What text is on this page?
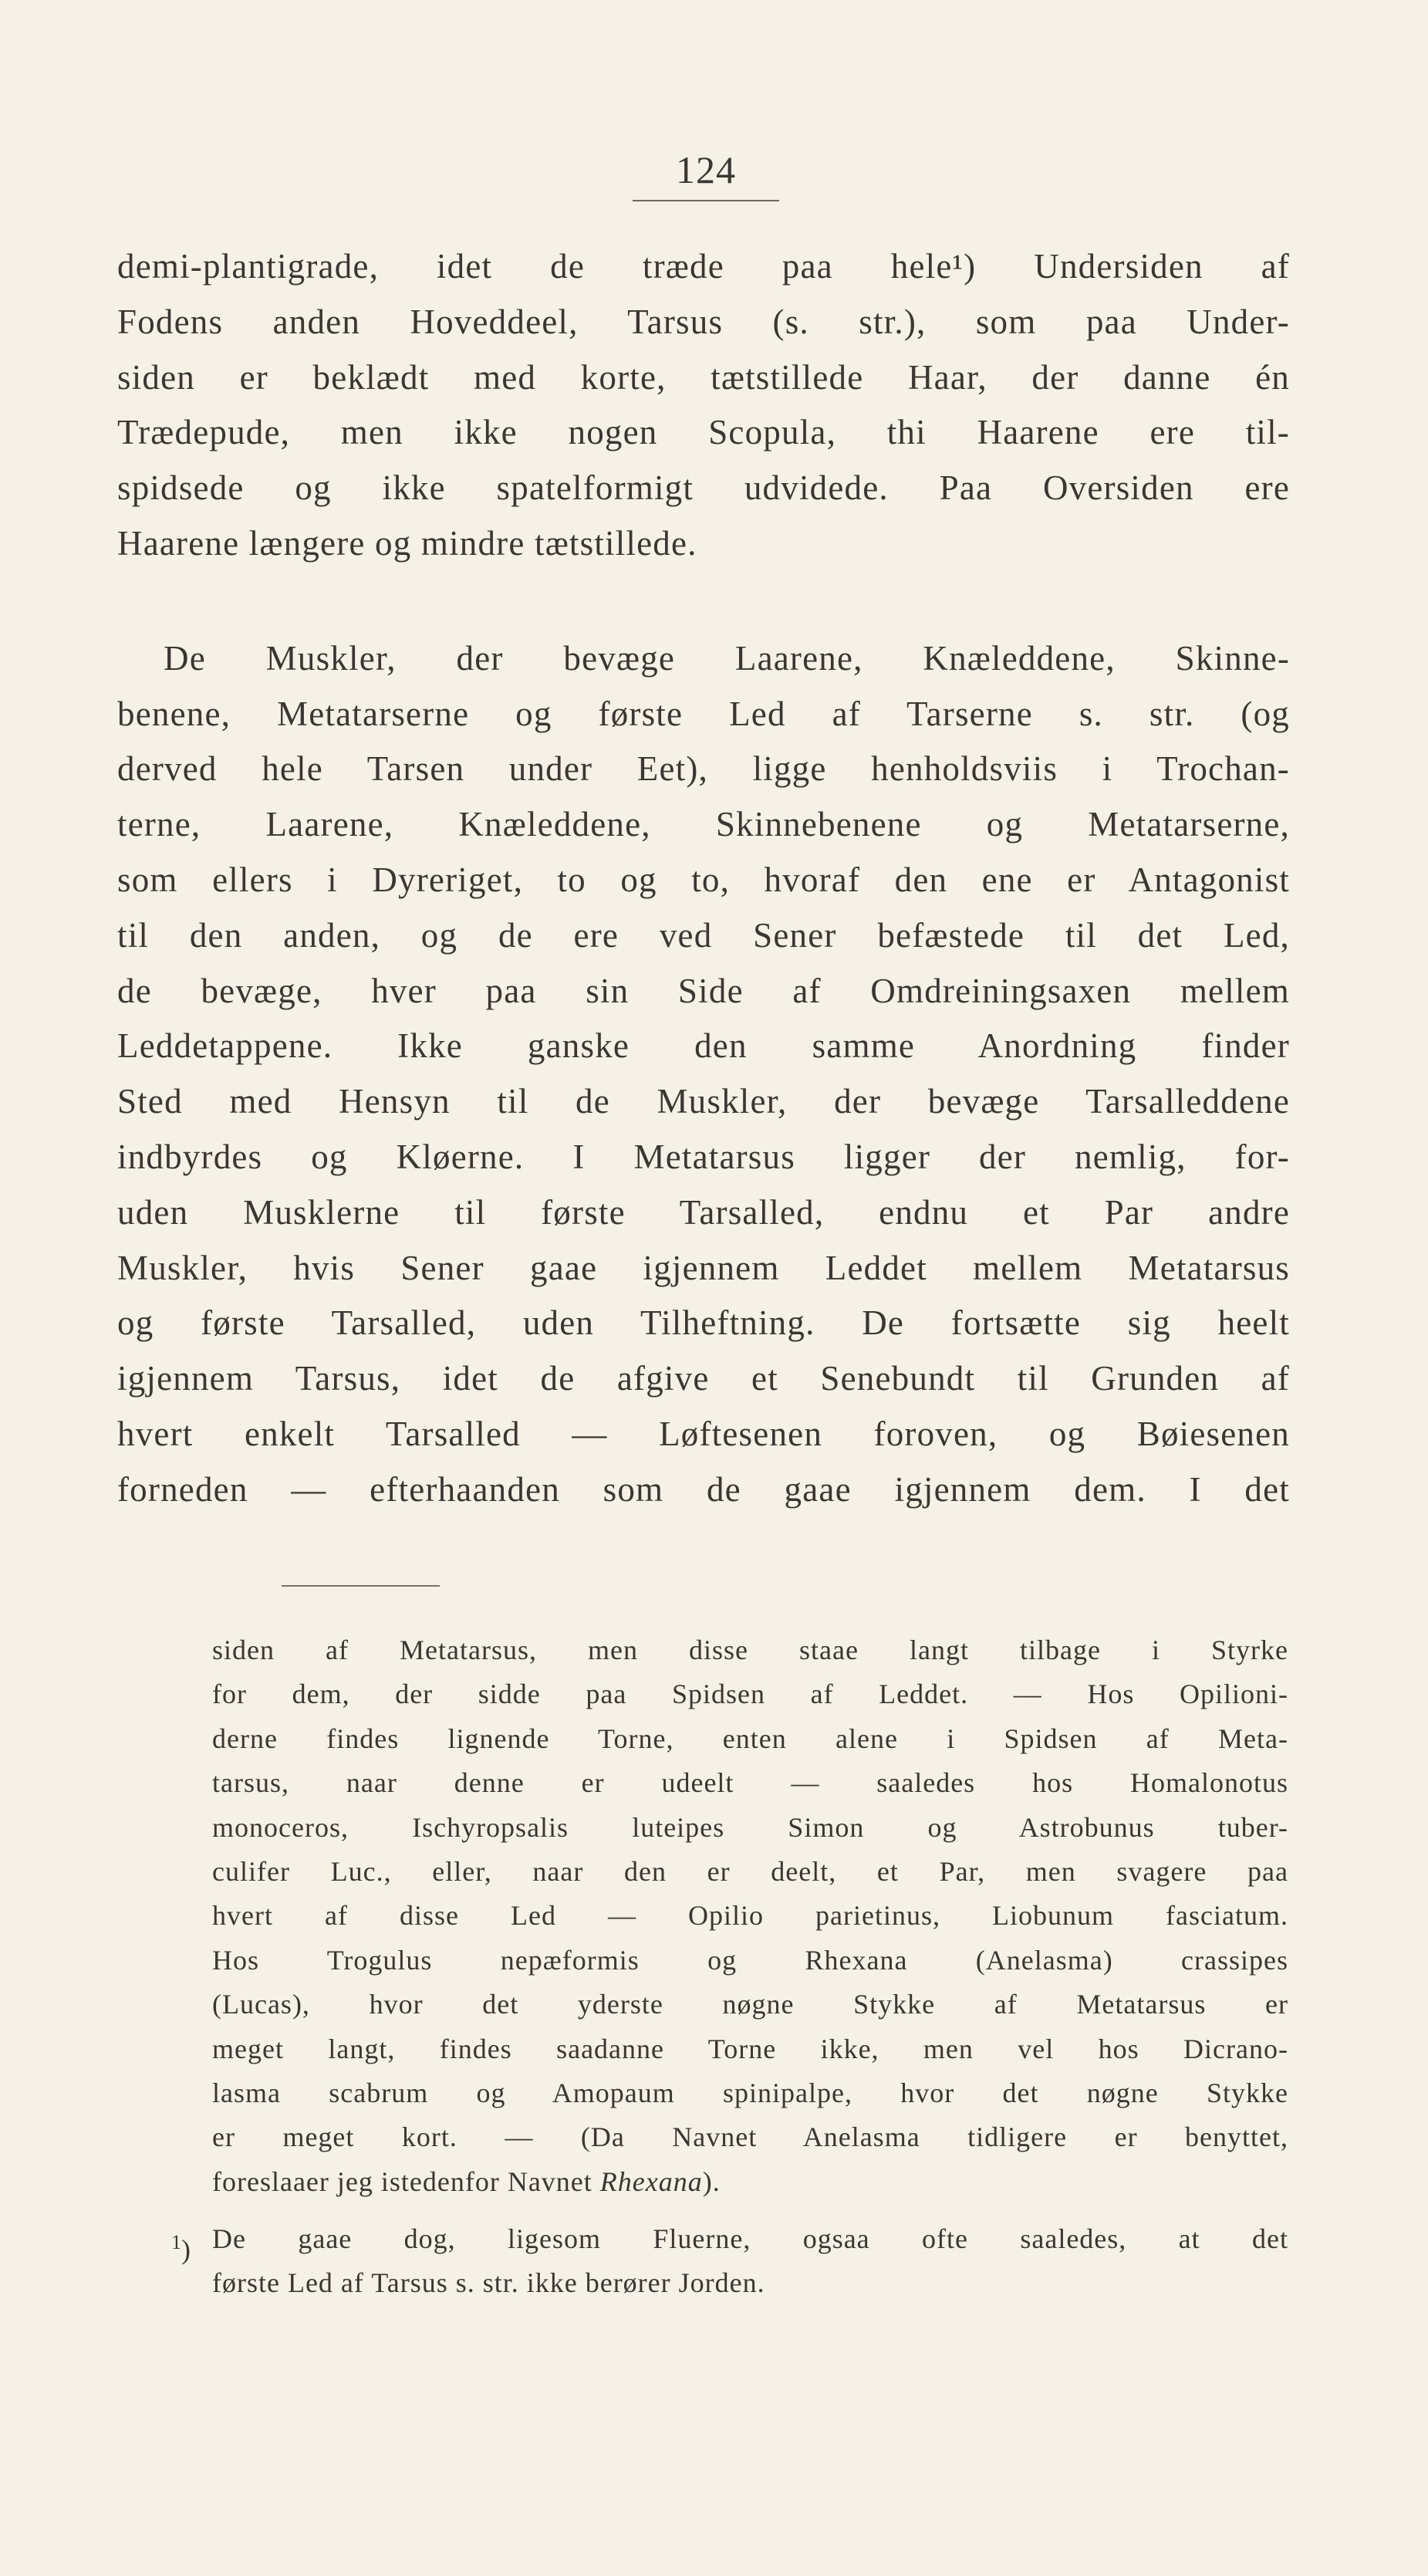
124
demi-plantigrade, idet de træde paa hele¹) Undersiden af
Fodens anden Hoveddeel, Tarsus (s. str.), som paa Under-
siden er beklædt med korte, tætstillede Haar, der danne én
Trædepude, men ikke nogen Scopula, thi Haarene ere til-
spidsede og ikke spatelformigt udvidede. Paa Oversiden ere
Haarene længere og mindre tætstillede.
De Muskler, der bevæge Laarene, Knæleddene, Skinne-
benene, Metatarserne og første Led af Tarserne s. str. (og
derved hele Tarsen under Eet), ligge henholdsviis i Trochan-
terne, Laarene, Knæleddene, Skinnebenene og Metatarserne,
som ellers i Dyreriget, to og to, hvoraf den ene er Antagonist
til den anden, og de ere ved Sener befæstede til det Led,
de bevæge, hver paa sin Side af Omdreiningsaxen mellem
Leddetappene. Ikke ganske den samme Anordning finder
Sted med Hensyn til de Muskler, der bevæge Tarsalleddene
indbyrdes og Kløerne. I Metatarsus ligger der nemlig, for-
uden Musklerne til første Tarsalled, endnu et Par andre
Muskler, hvis Sener gaae igjennem Leddet mellem Metatarsus
og første Tarsalled, uden Tilheftning. De fortsætte sig heelt
igjennem Tarsus, idet de afgive et Senebundt til Grunden af
hvert enkelt Tarsalled — Løftesenen foroven, og Bøiesenen
forneden — efterhaanden som de gaae igjennem dem. I det
siden af Metatarsus, men disse staae langt tilbage i Styrke
for dem, der sidde paa Spidsen af Leddet. — Hos Opilioni-
derne findes lignende Torne, enten alene i Spidsen af Meta-
tarsus, naar denne er udeelt — saaledes hos Homalonotus
monoceros, Ischyropsalis luteipes Simon og Astrobunus tuber-
culifer Luc., eller, naar den er deelt, et Par, men svagere paa
hvert af disse Led — Opilio parietinus, Liobunum fasciatum.
Hos Trogulus nepæformis og Rhexana (Anelasma) crassipes
(Lucas), hvor det yderste nøgne Stykke af Metatarsus er
meget langt, findes saadanne Torne ikke, men vel hos Dicrano-
lasma scabrum og Amopaum spinipalpe, hvor det nøgne Stykke
er meget kort. — (Da Navnet Anelasma tidligere er benyttet,
foreslaaer jeg istedenfor Navnet Rhexana).
$^1$) De gaae dog, ligesom Fluerne, ogsaa ofte saaledes, at det
første Led af Tarsus s. str. ikke berører Jorden.
